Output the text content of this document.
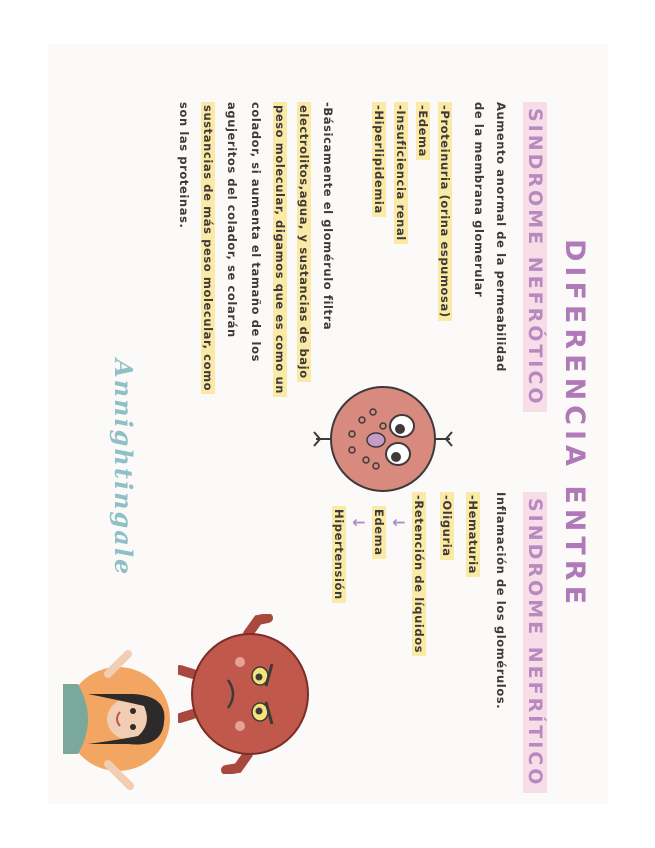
DIFERENCIA ENTRE
SINDROME NEFRÓTICO
Aumento anormal de la permeabilidad
de la membrana glomerular
-Proteinuria (orina espumosa)
-Edema
-Insuficiencia renal
-Hiperlipidemia
-Básicamente el glomérulo filtra
electrolitos,agua, y sustancias de bajo
peso molecular, digamos que es como un
colador, si aumenta el tamaño de los
agujeritos del colador, se colarán
sustancias de más peso molecular, como
son las proteinas.
SINDROME NEFRÍTICO
Inflamación de los glomérulos.
-Hematuria
-Oliguria
-Retención de líquidos
↓
Edema
↓
Hipertensión
Annightingale
